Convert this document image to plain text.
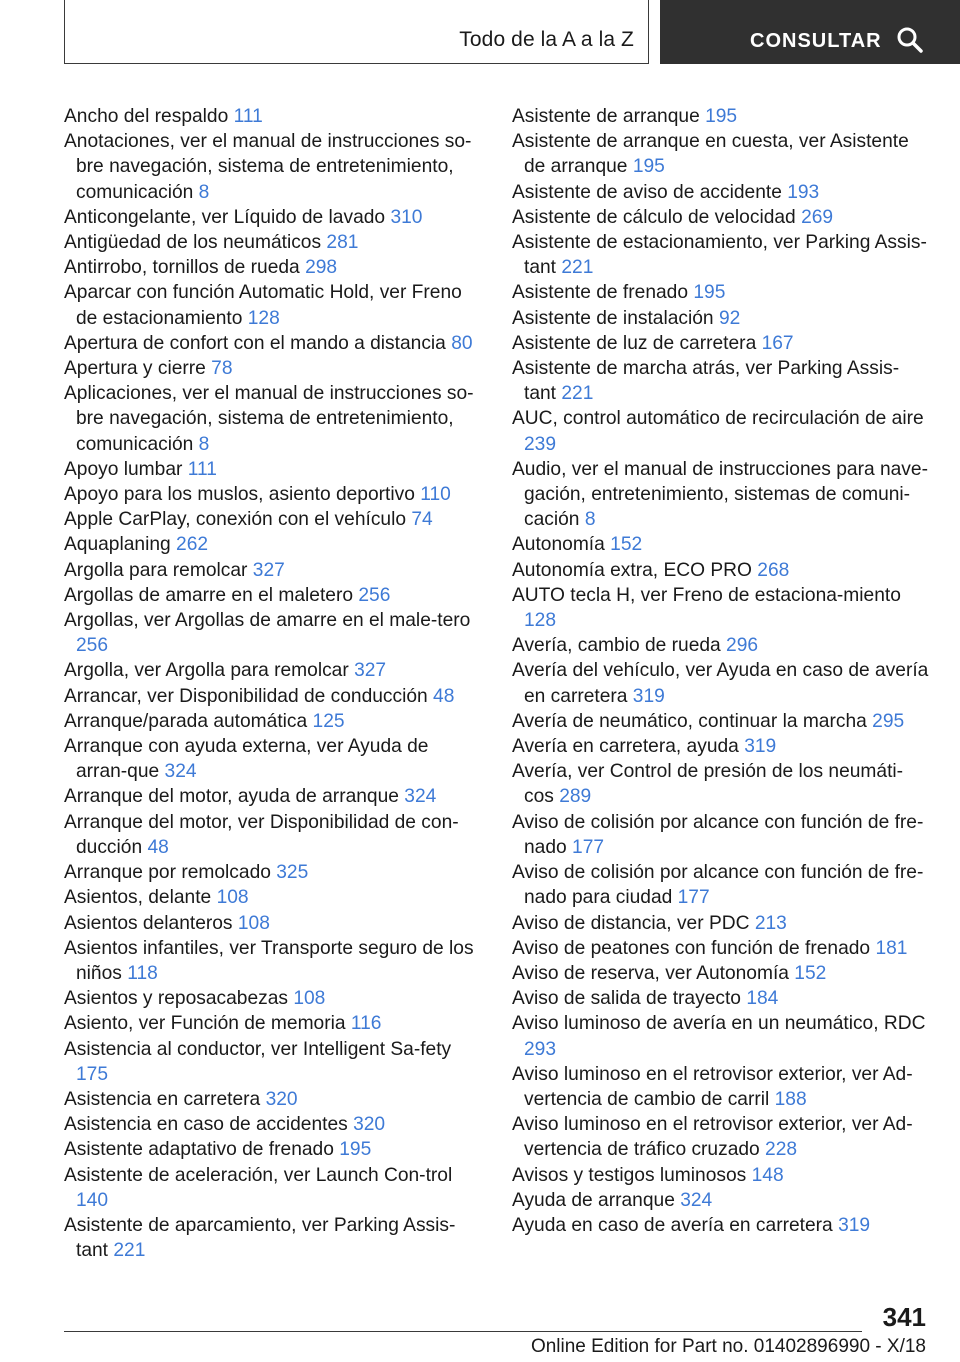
Todo de la A a la Z	CONSULTAR

Ancho del respaldo 111

Anotaciones, ver el manual de instrucciones so-bre navegación, sistema de entretenimiento, comunicación 8

Anticongelante, ver Líquido de lavado 310

Antigüedad de los neumáticos 281

Antirrobo, tornillos de rueda 298

Aparcar con función Automatic Hold, ver Freno de estacionamiento 128

Apertura de confort con el mando a distancia 80

Apertura y cierre 78

Aplicaciones, ver el manual de instrucciones so-bre navegación, sistema de entretenimiento, comunicación 8

Apoyo lumbar 111

Apoyo para los muslos, asiento deportivo 110

Apple CarPlay, conexión con el vehículo 74

Aquaplaning 262

Argolla para remolcar 327

Argollas de amarre en el maletero 256

Argollas, ver Argollas de amarre en el male-tero 256

Argolla, ver Argolla para remolcar 327

Arrancar, ver Disponibilidad de conducción 48

Arranque/parada automática 125

Arranque con ayuda externa, ver Ayuda de arran-que 324

Arranque del motor, ayuda de arranque 324

Arranque del motor, ver Disponibilidad de con-ducción 48

Arranque por remolcado 325

Asientos, delante 108

Asientos delanteros 108

Asientos infantiles, ver Transporte seguro de los niños 118

Asientos y reposacabezas 108

Asiento, ver Función de memoria 116

Asistencia al conductor, ver Intelligent Sa-fety 175

Asistencia en carretera 320

Asistencia en caso de accidentes 320

Asistente adaptativo de frenado 195

Asistente de aceleración, ver Launch Con-trol 140

Asistente de aparcamiento, ver Parking Assis-tant 221

Asistente de arranque 195

Asistente de arranque en cuesta, ver Asistente de arranque 195

Asistente de aviso de accidente 193

Asistente de cálculo de velocidad 269

Asistente de estacionamiento, ver Parking Assis-tant 221

Asistente de frenado 195

Asistente de instalación 92

Asistente de luz de carretera 167

Asistente de marcha atrás, ver Parking Assis-tant 221

AUC, control automático de recirculación de aire 239

Audio, ver el manual de instrucciones para nave-gación, entretenimiento, sistemas de comuni-cación 8

Autonomía 152

Autonomía extra, ECO PRO 268

AUTO tecla H, ver Freno de estaciona-miento 128

Avería, cambio de rueda 296

Avería del vehículo, ver Ayuda en caso de avería en carretera 319

Avería de neumático, continuar la marcha 295

Avería en carretera, ayuda 319

Avería, ver Control de presión de los neumáti-cos 289

Aviso de colisión por alcance con función de fre-nado 177

Aviso de colisión por alcance con función de fre-nado para ciudad 177

Aviso de distancia, ver PDC 213

Aviso de peatones con función de frenado 181

Aviso de reserva, ver Autonomía 152

Aviso de salida de trayecto 184

Aviso luminoso de avería en un neumático, RDC 293

Aviso luminoso en el retrovisor exterior, ver Ad-vertencia de cambio de carril 188

Aviso luminoso en el retrovisor exterior, ver Ad-vertencia de tráfico cruzado 228

Avisos y testigos luminosos 148

Ayuda de arranque 324

Ayuda en caso de avería en carretera 319

341
Online Edition for Part no. 01402896990 - X/18
